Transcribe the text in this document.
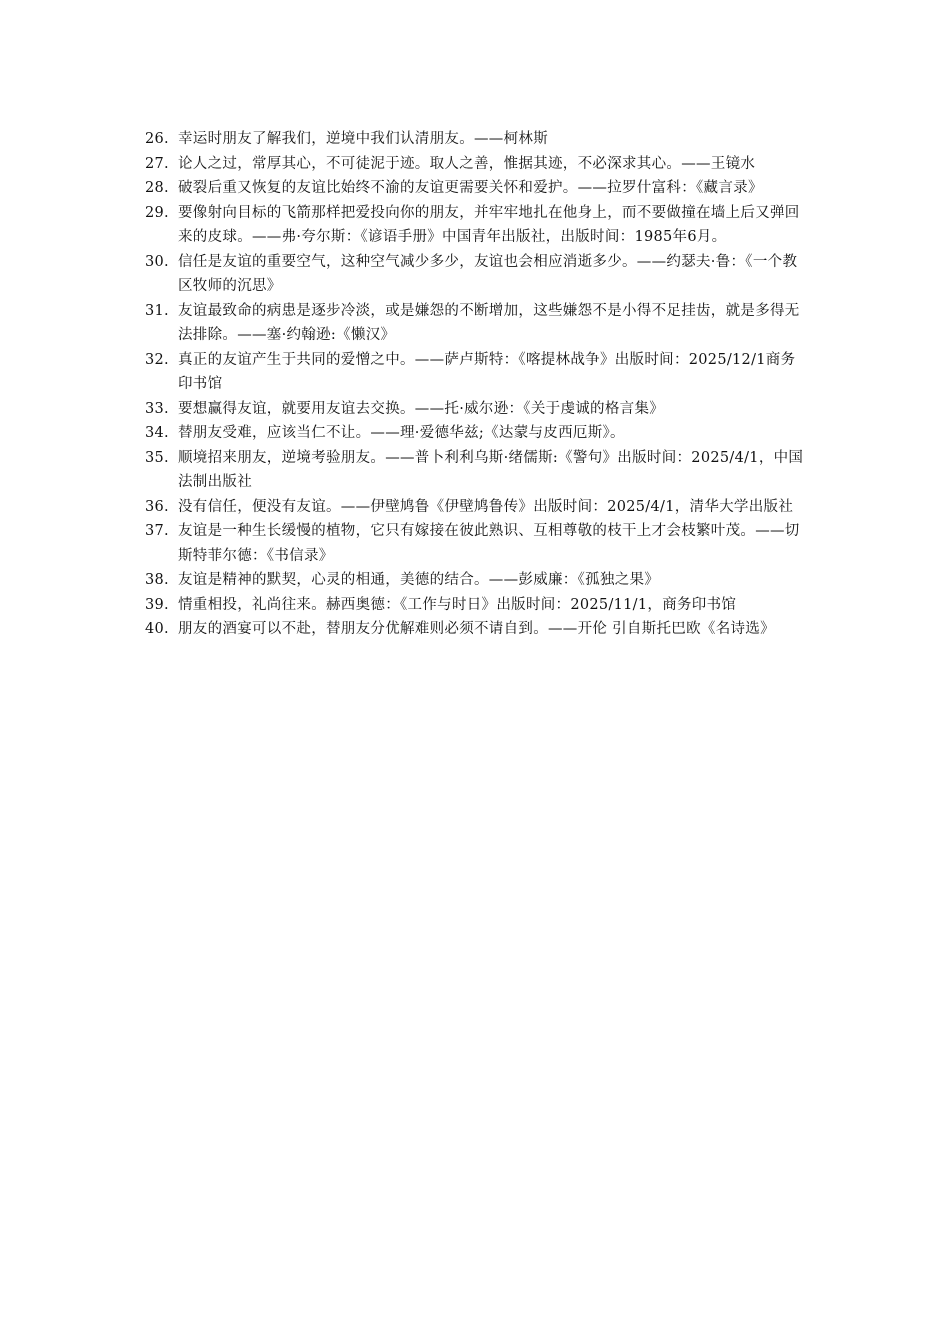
26. 幸运时朋友了解我们，逆境中我们认清朋友。——柯林斯
27. 论人之过，常厚其心，不可徒泥于迹。取人之善，惟据其迹，不必深求其心。——王镜水
28. 破裂后重又恢复的友谊比始终不渝的友谊更需要关怀和爱护。——拉罗什富科：《藏言录》
29. 要像射向目标的飞箭那样把爱投向你的朋友，并牢牢地扎在他身上，而不要做撞在墙上后又弹回来的皮球。——弗·夸尔斯：《谚语手册》中国青年出版社，出版时间：1985年6月。
30. 信任是友谊的重要空气，这种空气减少多少，友谊也会相应消逝多少。——约瑟夫·鲁：《一个教区牧师的沉思》
31. 友谊最致命的病患是逐步冷淡，或是嫌怨的不断增加，这些嫌怨不是小得不足挂齿，就是多得无法排除。——塞·约翰逊:《懒汉》
32. 真正的友谊产生于共同的爱憎之中。——萨卢斯特：《喀提林战争》出版时间：2025/12/1商务印书馆
33. 要想赢得友谊，就要用友谊去交换。——托·威尔逊：《关于虔诚的格言集》
34. 替朋友受难，应该当仁不让。——理·爱德华兹;《达蒙与皮西厄斯》。
35. 顺境招来朋友，逆境考验朋友。——普卜利利乌斯·绪儒斯:《警句》出版时间：2025/4/1，中国法制出版社
36. 没有信任，便没有友谊。——伊壁鸠鲁《伊壁鸠鲁传》出版时间：2025/4/1，清华大学出版社
37. 友谊是一种生长缓慢的植物，它只有嫁接在彼此熟识、互相尊敬的枝干上才会枝繁叶茂。——切斯特菲尔德：《书信录》
38. 友谊是精神的默契，心灵的相通，美德的结合。——彭威廉：《孤独之果》
39. 情重相投，礼尚往来。赫西奥德：《工作与时日》出版时间：2025/11/1，商务印书馆
40. 朋友的酒宴可以不赴，替朋友分优解难则必须不请自到。——开伦 引自斯托巴欧《名诗选》
